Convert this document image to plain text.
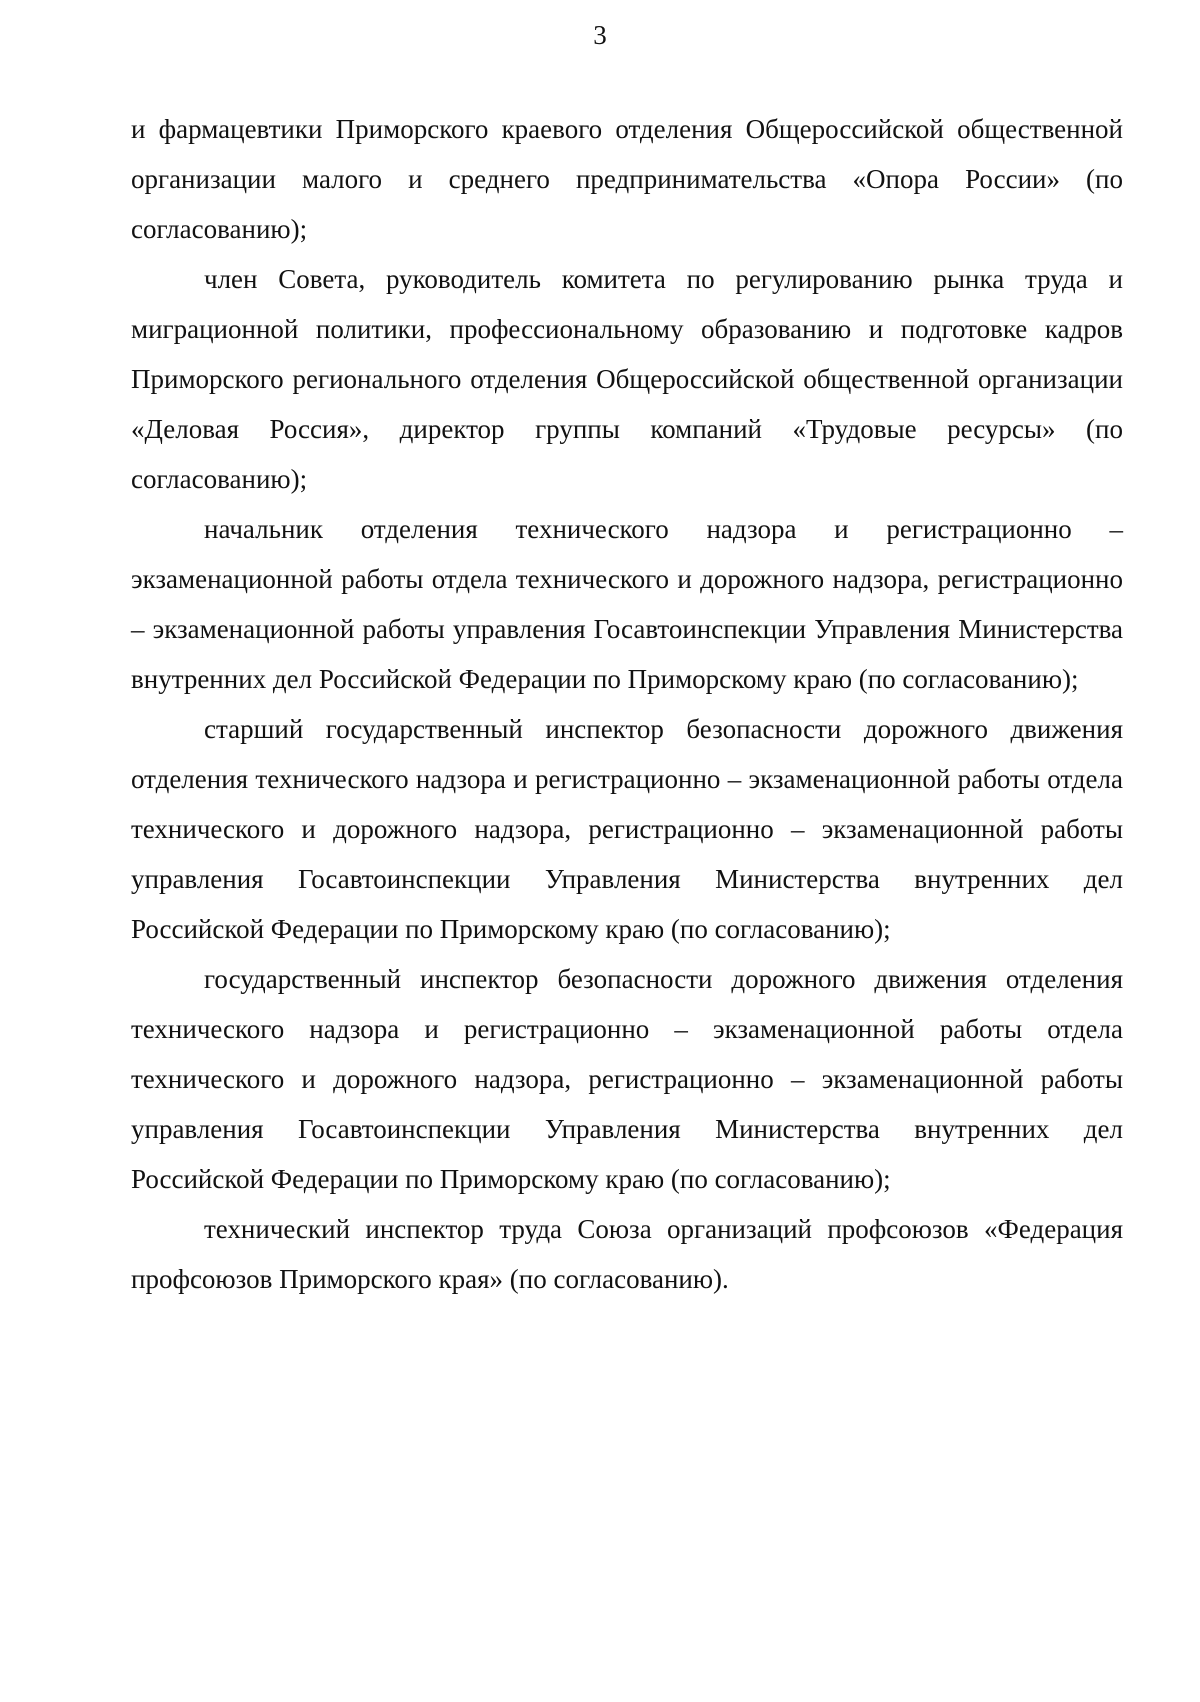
3

и фармацевтики Приморского краевого отделения Общероссийской общественной организации малого и среднего предпринимательства «Опора России» (по согласованию);

член Совета, руководитель комитета по регулированию рынка труда и миграционной политики, профессиональному образованию и подготовке кадров Приморского регионального отделения Общероссийской общественной организации «Деловая Россия», директор группы компаний «Трудовые ресурсы» (по согласованию);

начальник отделения технического надзора и регистрационно – экзаменационной работы отдела технического и дорожного надзора, регистрационно – экзаменационной работы управления Госавтоинспекции Управления Министерства внутренних дел Российской Федерации по Приморскому краю (по согласованию);

старший государственный инспектор безопасности дорожного движения отделения технического надзора и регистрационно – экзаменационной работы отдела технического и дорожного надзора, регистрационно – экзаменационной работы управления Госавтоинспекции Управления Министерства внутренних дел Российской Федерации по Приморскому краю (по согласованию);

государственный инспектор безопасности дорожного движения отделения технического надзора и регистрационно – экзаменационной работы отдела технического и дорожного надзора, регистрационно – экзаменационной работы управления Госавтоинспекции Управления Министерства внутренних дел Российской Федерации по Приморскому краю (по согласованию);

технический инспектор труда Союза организаций профсоюзов «Федерация профсоюзов Приморского края» (по согласованию).
